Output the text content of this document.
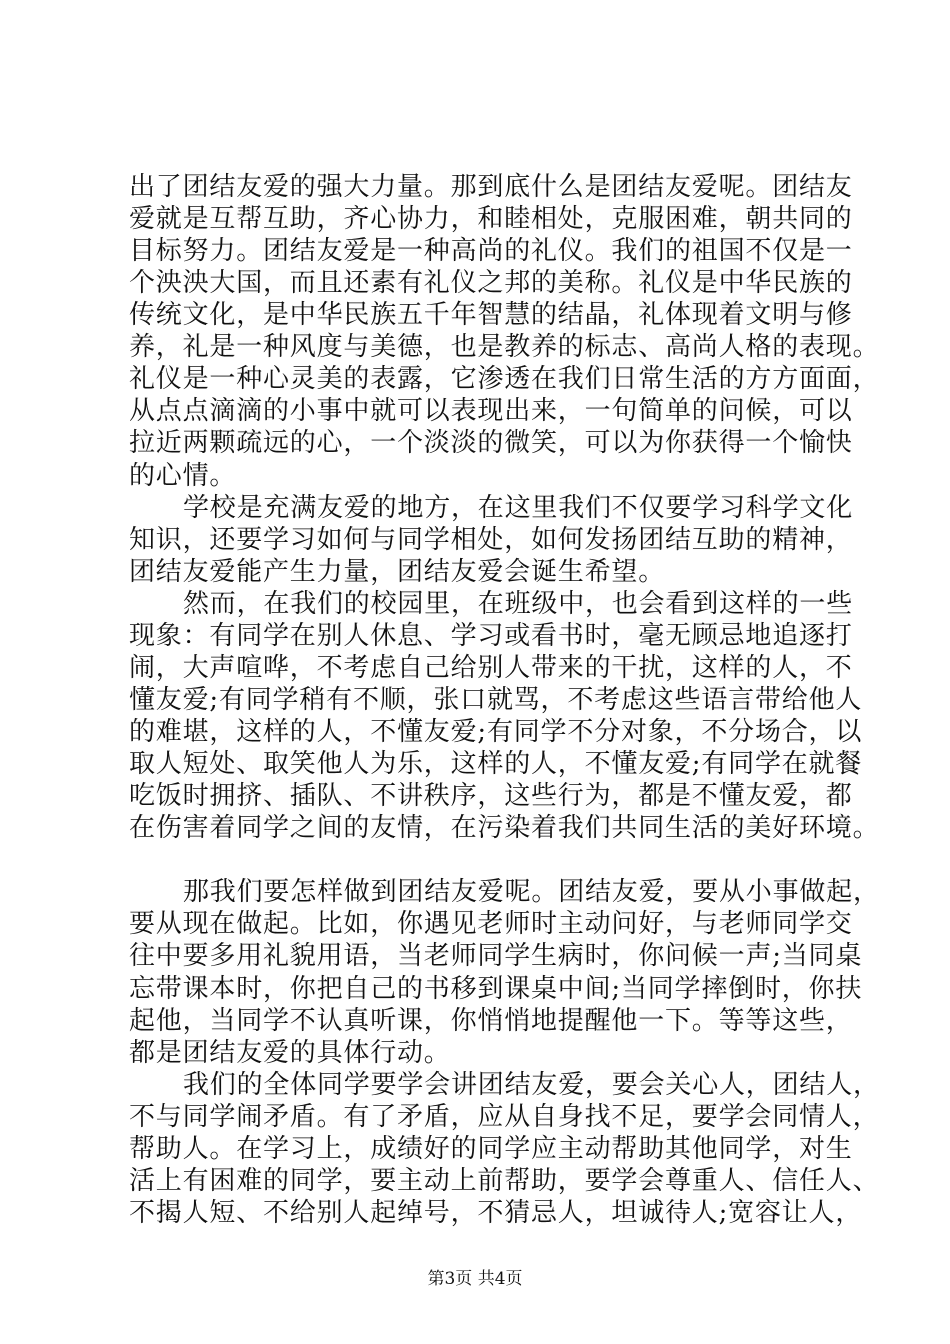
出了团结友爱的强大力量。那到底什么是团结友爱呢。团结友
爱就是互帮互助，齐心协力，和睦相处，克服困难，朝共同的
目标努力。团结友爱是一种高尚的礼仪。我们的祖国不仅是一
个泱泱大国，而且还素有礼仪之邦的美称。礼仪是中华民族的
传统文化，是中华民族五千年智慧的结晶，礼体现着文明与修
养，礼是一种风度与美德，也是教养的标志、高尚人格的表现。
礼仪是一种心灵美的表露，它渗透在我们日常生活的方方面面，
从点点滴滴的小事中就可以表现出来，一句简单的问候，可以
拉近两颗疏远的心，一个淡淡的微笑，可以为你获得一个愉快
的心情。
学校是充满友爱的地方，在这里我们不仅要学习科学文化
知识，还要学习如何与同学相处，如何发扬团结互助的精神，
团结友爱能产生力量，团结友爱会诞生希望。
然而，在我们的校园里，在班级中，也会看到这样的一些
现象：有同学在别人休息、学习或看书时，毫无顾忌地追逐打
闹，大声喧哗，不考虑自己给别人带来的干扰，这样的人，不
懂友爱;有同学稍有不顺，张口就骂，不考虑这些语言带给他人
的难堪，这样的人，不懂友爱;有同学不分对象，不分场合，以
取人短处、取笑他人为乐，这样的人，不懂友爱;有同学在就餐
吃饭时拥挤、插队、不讲秩序，这些行为，都是不懂友爱，都
在伤害着同学之间的友情，在污染着我们共同生活的美好环境。
那我们要怎样做到团结友爱呢。团结友爱，要从小事做起，
要从现在做起。比如，你遇见老师时主动问好，与老师同学交
往中要多用礼貌用语，当老师同学生病时，你问候一声;当同桌
忘带课本时，你把自己的书移到课桌中间;当同学摔倒时，你扶
起他，当同学不认真听课，你悄悄地提醒他一下。等等这些，
都是团结友爱的具体行动。
我们的全体同学要学会讲团结友爱，要会关心人，团结人，
不与同学闹矛盾。有了矛盾，应从自身找不足，要学会同情人，
帮助人。在学习上，成绩好的同学应主动帮助其他同学，对生
活上有困难的同学，要主动上前帮助，要学会尊重人、信任人、
不揭人短、不给别人起绰号，不猜忌人，坦诚待人;宽容让人，
第3页 共4页
